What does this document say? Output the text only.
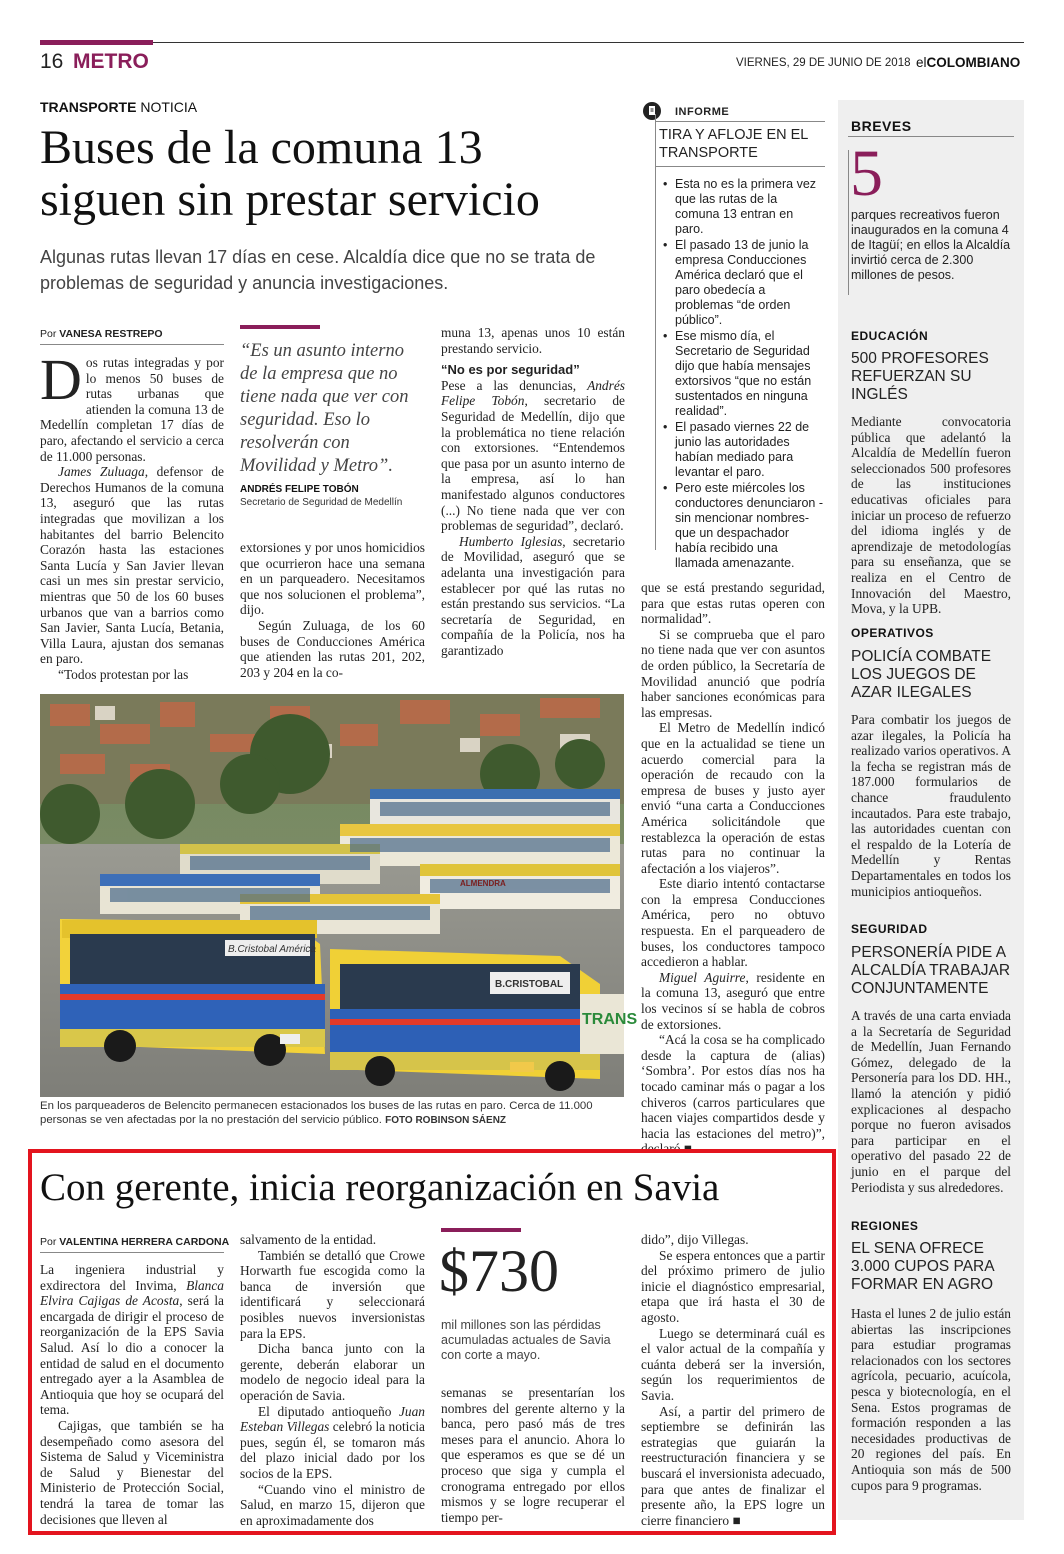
16 METRO	VIERNES, 29 DE JUNIO DE 2018 elCOLOMBIANO
TRANSPORTE NOTICIA
Buses de la comuna 13
siguen sin prestar servicio
Algunas rutas llevan 17 días en cese. Alcaldía dice que no se trata de problemas de seguridad y anuncia investigaciones.
Por VANESA RESTREPO

Dos rutas integradas y por lo menos 50 buses de rutas urbanas que atienden la comuna 13 de Medellín completan 17 días de paro, afectando el servicio a cerca de 11.000 personas.

James Zuluaga, defensor de Derechos Humanos de la comuna 13, aseguró que las rutas integradas que movilizan a los habitantes del barrio Belencito Corazón hasta las estaciones Santa Lucía y San Javier llevan casi un mes sin prestar servicio, mientras que 50 de los 60 buses urbanos que van a barrios como San Javier, Santa Lucía, Betania, Villa Laura, ajustan dos semanas en paro.

“Todos protestan por las

“Es un asunto interno de la empresa que no tiene nada que ver con seguridad. Eso lo resolverán con Movilidad y Metro”.
ANDRÉS FELIPE TOBÓN
Secretario de Seguridad de Medellín

extorsiones y por unos homicidios que ocurrieron hace una semana en un parqueadero. Necesitamos que nos solucionen el problema”, dijo.

Según Zuluaga, de los 60 buses de Conducciones América que atienden las rutas 201, 202, 203 y 204 en la co-

muna 13, apenas unos 10 están prestando servicio.

“No es por seguridad”

Pese a las denuncias, Andrés Felipe Tobón, secretario de Seguridad de Medellín, dijo que la problemática no tiene relación con extorsiones. “Entendemos que pasa por un asunto interno de la empresa, así lo han manifestado algunos conductores (...) No tiene nada que ver con problemas de seguridad”, declaró.

Humberto Iglesias, secretario de Movilidad, aseguró que se adelanta una investigación para establecer por qué las rutas no están prestando sus servicios. “La secretaría de Seguridad, en compañía de la Policía, nos ha garantizado

que se está prestando seguridad, para que estas rutas operen con normalidad”.

Si se comprueba que el paro no tiene nada que ver con asuntos de orden público, la Secretaría de Movilidad anunció que podría haber sanciones económicas para las empresas.

El Metro de Medellín indicó que en la actualidad se tiene un acuerdo comercial para la operación de recaudo con la empresa de buses y justo ayer envió “una carta a Conducciones América solicitándole que restablezca la operación de estas rutas para no continuar la afectación a los viajeros”.

Este diario intentó contactarse con la empresa Conducciones América, pero no obtuvo respuesta. En el parqueadero de buses, los conductores tampoco accedieron a hablar.

Miguel Aguirre, residente en la comuna 13, aseguró que entre los vecinos sí se habla de cobros de extorsiones.

“Acá la cosa se ha complicado desde la captura de (alias) ‘Sombra’. Por estos días nos ha tocado caminar más o pagar a los chiveros (carros particulares que hacen viajes compartidos desde y hacia las estaciones del metro)”, declaró ■

INFORME
TIRA Y AFLOJE EN EL TRANSPORTE
• Esta no es la primera vez que las rutas de la comuna 13 entran en paro.
• El pasado 13 de junio la empresa Conducciones América declaró que el paro obedecía a problemas “de orden público”.
• Ese mismo día, el Secretario de Seguridad dijo que había mensajes extorsivos “que no están sustentados en ninguna realidad”.
• El pasado viernes 22 de junio las autoridades habían mediado para levantar el paro.
• Pero este miércoles los conductores denunciaron -sin mencionar nombres- que un despachador había recibido una llamada amenazante.
B.Cristobal América
B.CRISTOBAL
TRANS
ALMENDRA
En los parqueaderos de Belencito permanecen estacionados los buses de las rutas en paro. Cerca de 11.000 personas se ven afectadas por la no prestación del servicio público. FOTO ROBINSON SÁENZ
Con gerente, inicia reorganización en Savia
Por VALENTINA HERRERA CARDONA

La ingeniera industrial y exdirectora del Invima, Blanca Elvira Cajigas de Acosta, será la encargada de dirigir el proceso de reorganización de la EPS Savia Salud. Así lo dio a conocer la entidad de salud en el documento entregado ayer a la Asamblea de Antioquia que hoy se ocupará del tema.

Cajigas, que también se ha desempeñado como asesora del Sistema de Salud y Viceministra de Salud y Bienestar del Ministerio de Protección Social, tendrá la tarea de tomar las decisiones que lleven al

salvamento de la entidad.

También se detalló que Crowe Horwarth fue escogida como la banca de inversión que identificará y seleccionará posibles nuevos inversionistas para la EPS.

Dicha banca junto con la gerente, deberán elaborar un modelo de negocio ideal para la operación de Savia.

El diputado antioqueño Juan Esteban Villegas celebró la noticia pues, según él, se tomaron más del plazo inicial dado por los socios de la EPS.

“Cuando vino el ministro de Salud, en marzo 15, dijeron que en aproximadamente dos

$730
mil millones son las pérdidas acumuladas actuales de Savia con corte a mayo.

semanas se presentarían los nombres del gerente alterno y la banca, pero pasó más de tres meses para el anuncio. Ahora lo que esperamos es que se dé un proceso que siga y cumpla el cronograma entregado por ellos mismos y se logre recuperar el tiempo per-

dido”, dijo Villegas.

Se espera entonces que a partir del próximo primero de julio inicie el diagnóstico empresarial, etapa que irá hasta el 30 de agosto.

Luego se determinará cuál es el valor actual de la compañía y cuánta deberá ser la inversión, según los requerimientos de Savia.

Así, a partir del primero de septiembre se definirán las estrategias que guiarán la reestructuración financiera y se buscará el inversionista adecuado, para que antes de finalizar el presente año, la EPS logre un cierre financiero ■

BREVES
5
parques recreativos fueron inaugurados en la comuna 4 de Itagüí; en ellos la Alcaldía invirtió cerca de 2.300 millones de pesos.
EDUCACIÓN
500 PROFESORES REFUERZAN SU INGLÉS
Mediante convocatoria pública que adelantó la Alcaldía de Medellín fueron seleccionados 500 profesores de las instituciones educativas oficiales para iniciar un proceso de refuerzo del idioma inglés y de aprendizaje de metodologías para su enseñanza, que se realiza en el Centro de Innovación del Maestro, Mova, y la UPB.
OPERATIVOS
POLICÍA COMBATE LOS JUEGOS DE AZAR ILEGALES
Para combatir los juegos de azar ilegales, la Policía ha realizado varios operativos. A la fecha se registran más de 187.000 formularios de chance fraudulento incautados. Para este trabajo, las autoridades cuentan con el respaldo de la Lotería de Medellín y Rentas Departamentales en todos los municipios antioqueños.
SEGURIDAD
PERSONERÍA PIDE A ALCALDÍA TRABAJAR CONJUNTAMENTE
A través de una carta enviada a la Secretaría de Seguridad de Medellín, Juan Fernando Gómez, delegado de la Personería para los DD. HH., llamó la atención y pidió explicaciones al despacho porque no fueron avisados para participar en el operativo del pasado 22 de junio en el parque del Periodista y sus alrededores.
REGIONES
EL SENA OFRECE 3.000 CUPOS PARA FORMAR EN AGRO
Hasta el lunes 2 de julio están abiertas las inscripciones para estudiar programas relacionados con los sectores agrícola, pecuario, acuícola, pesca y biotecnología, en el Sena. Estos programas de formación responden a las necesidades productivas de 20 regiones del país. En Antioquia son más de 500 cupos para 9 programas.
